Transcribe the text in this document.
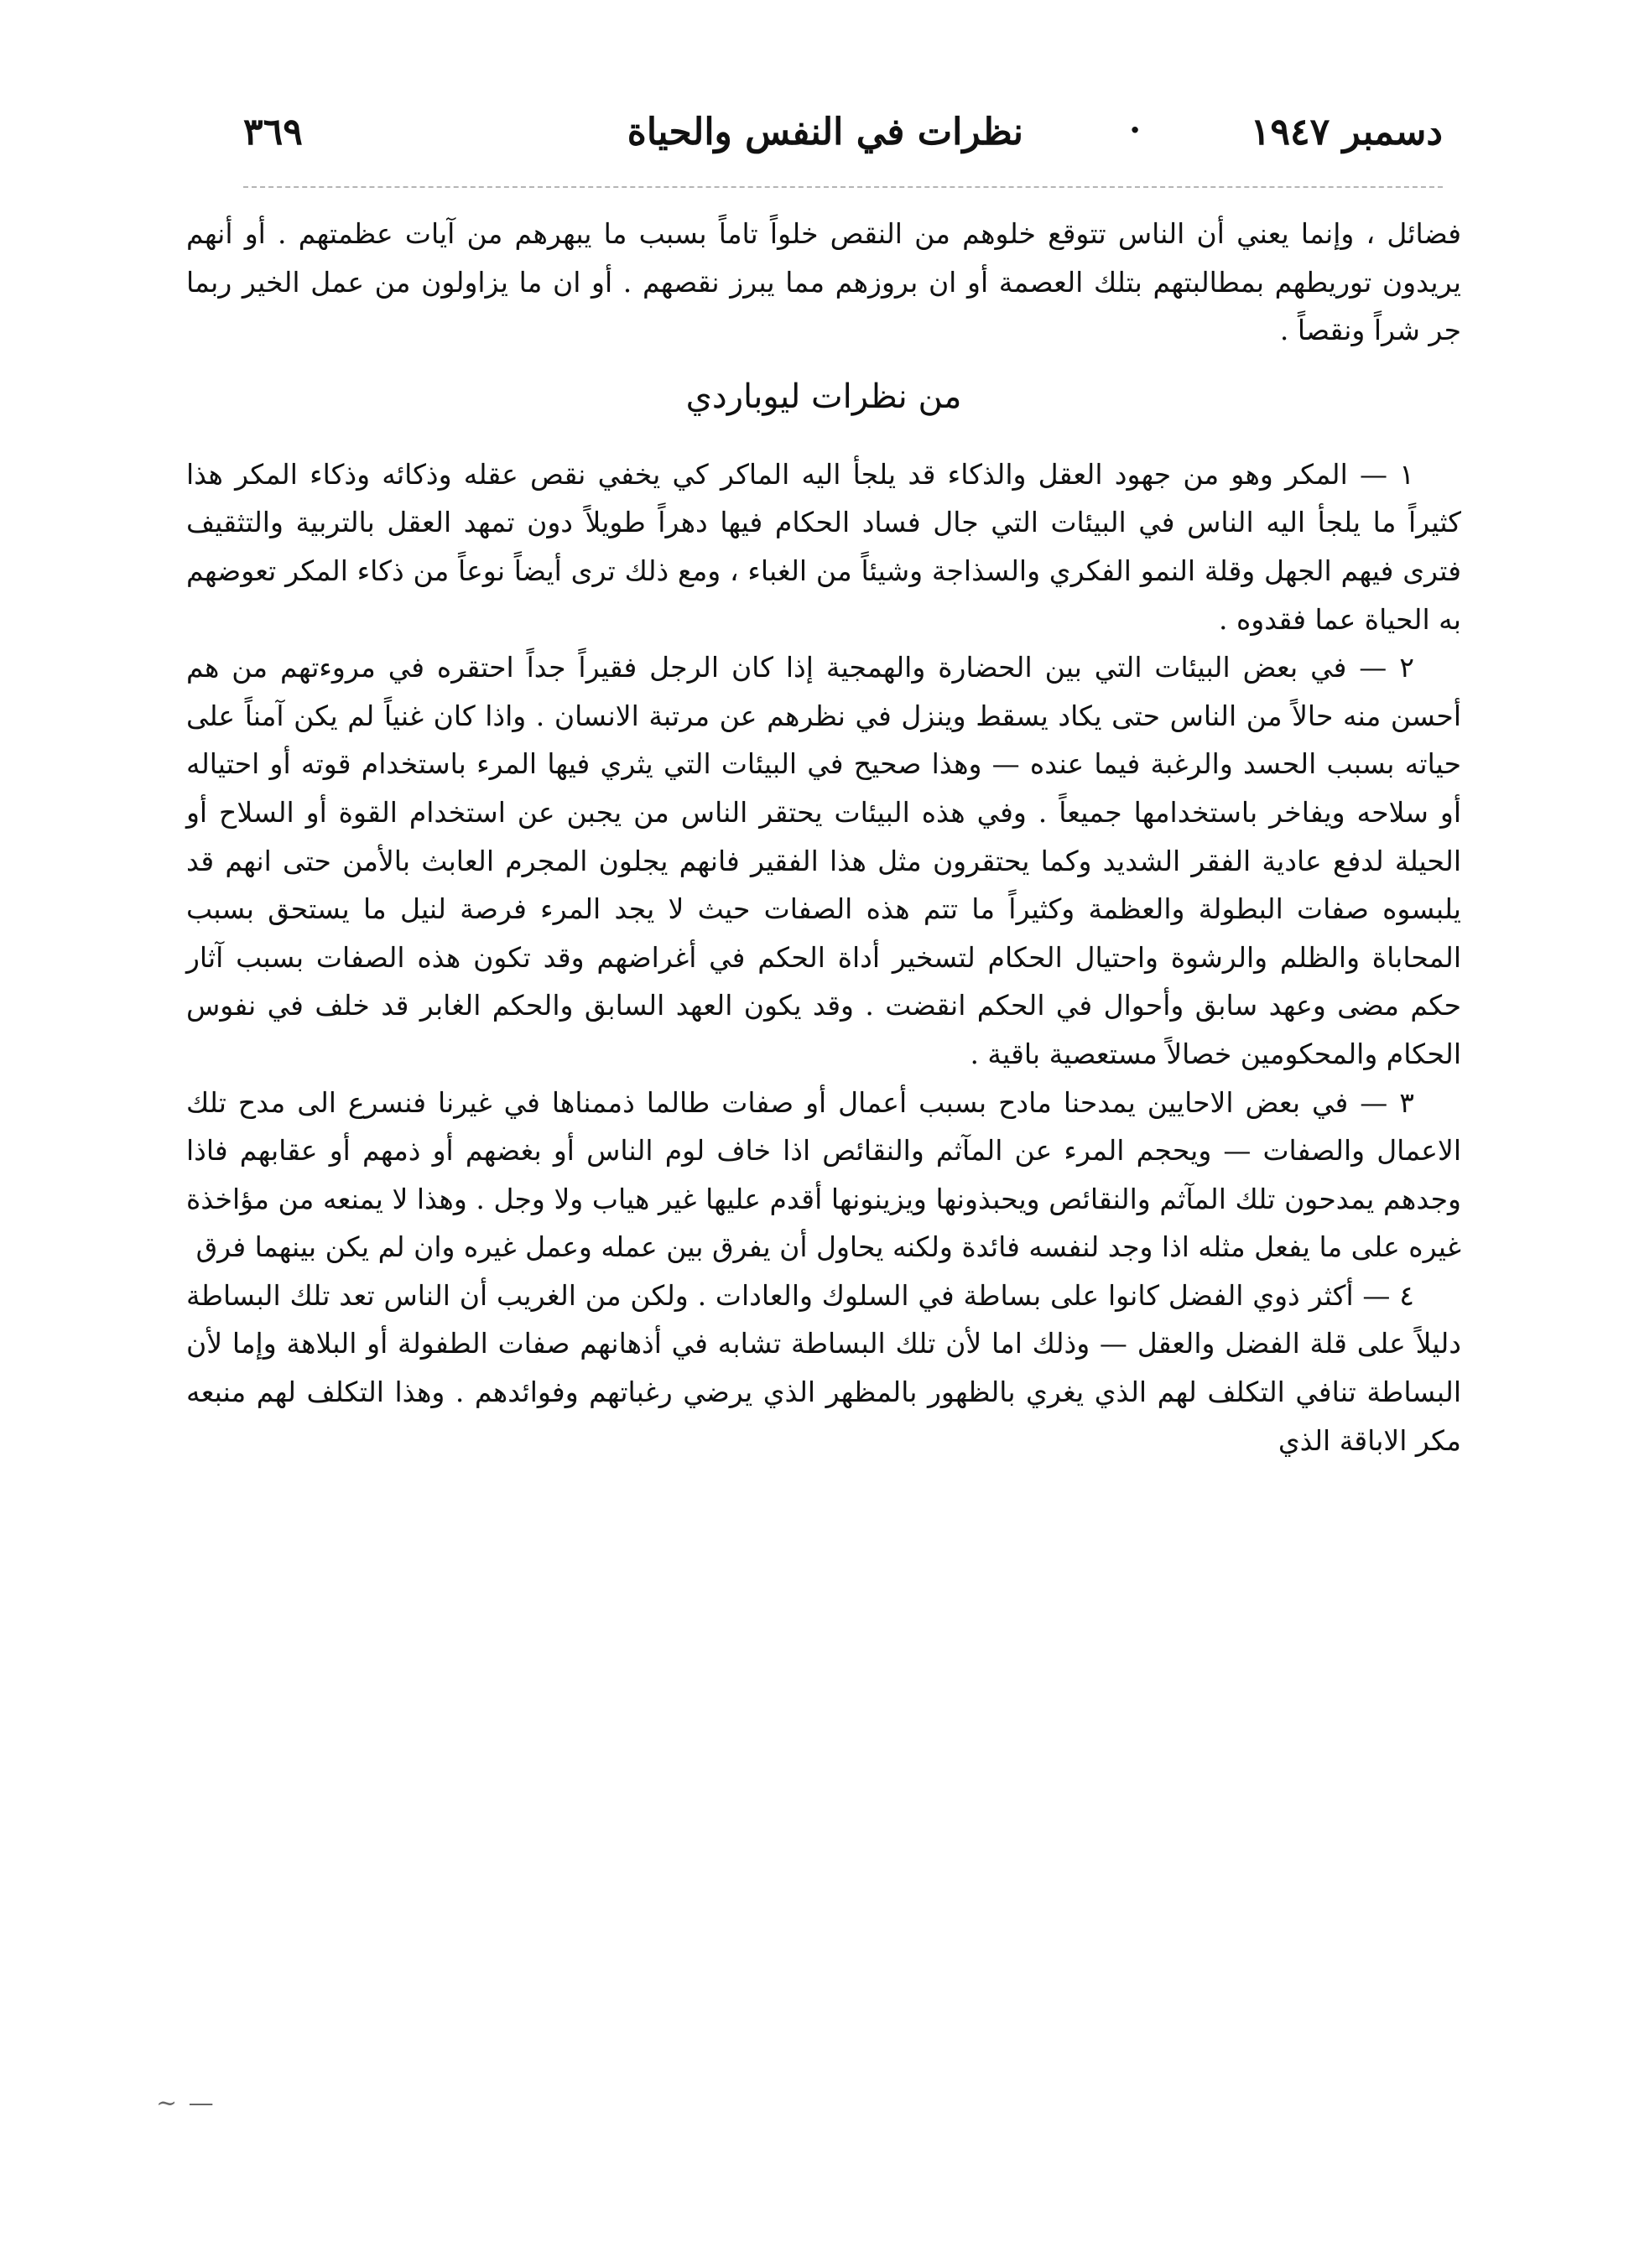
دسمبر ١٩٤٧
·
نظرات في النفس والحياة
٣٦٩

فضائل ، وإنما يعني أن الناس تتوقع خلوهم من النقص خلواً تاماً بسبب ما يبهرهم من آيات عظمتهم . أو أنهم يريدون توريطهم بمطالبتهم بتلك العصمة أو ان بروزهم مما يبرز نقصهم . أو ان ما يزاولون من عمل الخير ربما جر شراً ونقصاً .

من نظرات ليوباردي

١ — المكر وهو من جهود العقل والذكاء قد يلجأ اليه الماكر كي يخفي نقص عقله وذكائه وذكاء المكر هذا كثيراً ما يلجأ اليه الناس في البيئات التي جال فساد الحكام فيها دهراً طويلاً دون تمهد العقل بالتربية والتثقيف فترى فيهم الجهل وقلة النمو الفكري والسذاجة وشيئاً من الغباء ، ومع ذلك ترى أيضاً نوعاً من ذكاء المكر تعوضهم به الحياة عما فقدوه .

٢ — في بعض البيئات التي بين الحضارة والهمجية إذا كان الرجل فقيراً جداً احتقره في مروءتهم من هم أحسن منه حالاً من الناس حتى يكاد يسقط وينزل في نظرهم عن مرتبة الانسان . واذا كان غنياً لم يكن آمناً على حياته بسبب الحسد والرغبة فيما عنده — وهذا صحيح في البيئات التي يثري فيها المرء باستخدام قوته أو احتياله أو سلاحه ويفاخر باستخدامها جميعاً . وفي هذه البيئات يحتقر الناس من يجبن عن استخدام القوة أو السلاح أو الحيلة لدفع عادية الفقر الشديد وكما يحتقرون مثل هذا الفقير فانهم يجلون المجرم العابث بالأمن حتى انهم قد يلبسوه صفات البطولة والعظمة وكثيراً ما تتم هذه الصفات حيث لا يجد المرء فرصة لنيل ما يستحق بسبب المحاباة والظلم والرشوة واحتيال الحكام لتسخير أداة الحكم في أغراضهم وقد تكون هذه الصفات بسبب آثار حكم مضى وعهد سابق وأحوال في الحكم انقضت . وقد يكون العهد السابق والحكم الغابر قد خلف في نفوس الحكام والمحكومين خصالاً مستعصية باقية .

٣ — في بعض الاحايين يمدحنا مادح بسبب أعمال أو صفات طالما ذممناها في غيرنا فنسرع الى مدح تلك الاعمال والصفات — ويحجم المرء عن المآثم والنقائص اذا خاف لوم الناس أو بغضهم أو ذمهم أو عقابهم فاذا وجدهم يمدحون تلك المآثم والنقائص ويحبذونها ويزينونها أقدم عليها غير هياب ولا وجل . وهذا لا يمنعه من مؤاخذة غيره على ما يفعل مثله اذا وجد لنفسه فائدة ولكنه يحاول أن يفرق بين عمله وعمل غيره وان لم يكن بينهما فرق

٤ — أكثر ذوي الفضل كانوا على بساطة في السلوك والعادات . ولكن من الغريب أن الناس تعد تلك البساطة دليلاً على قلة الفضل والعقل — وذلك اما لأن تلك البساطة تشابه في أذهانهم صفات الطفولة أو البلاهة وإما لأن البساطة تنافي التكلف لهم الذي يغري بالظهور بالمظهر الذي يرضي رغباتهم وفوائدهم . وهذا التكلف لهم منبعه مكر الاباقة الذي

~ —
